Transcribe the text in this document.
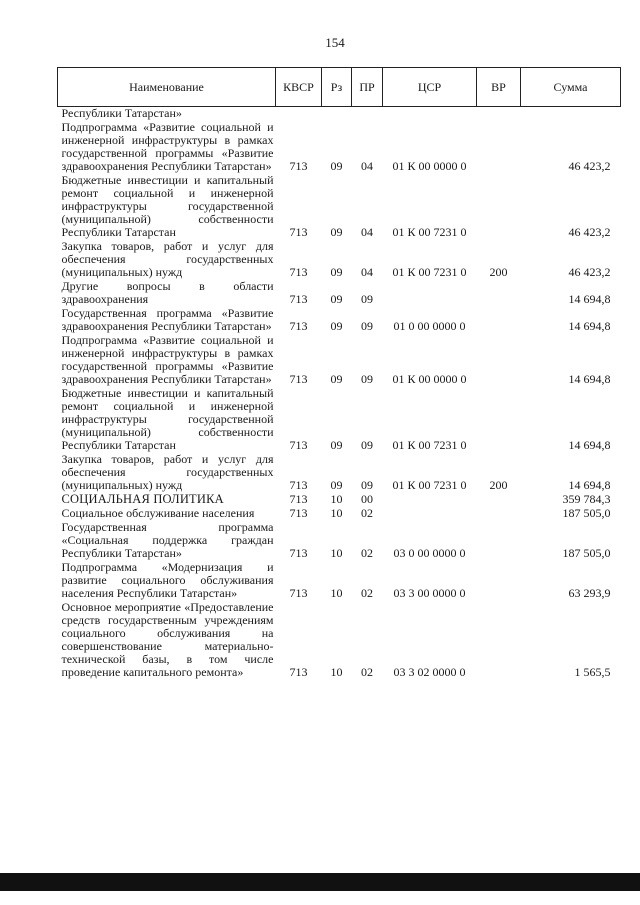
154
Наименование	КВСР	Рз	ПР	ЦСР	ВР	Сумма
Республики Татарстан»						
Подпрограмма «Развитие социальной и инженерной инфраструктуры в рамках государственной программы «Развитие здравоохранения Республики Татарстан»	713	09	04	01 К 00 0000 0		46 423,2
Бюджетные инвестиции и капитальный ремонт социальной и инженерной инфраструктуры государственной (муниципальной) собственности Республики Татарстан	713	09	04	01 К 00 7231 0		46 423,2
Закупка товаров, работ и услуг для обеспечения государственных (муниципальных) нужд	713	09	04	01 К 00 7231 0	200	46 423,2
Другие вопросы в области здравоохранения	713	09	09			14 694,8
Государственная программа «Развитие здравоохранения Республики Татарстан»	713	09	09	01 0 00 0000 0		14 694,8
Подпрограмма «Развитие социальной и инженерной инфраструктуры в рамках государственной программы «Развитие здравоохранения Республики Татарстан»	713	09	09	01 К 00 0000 0		14 694,8
Бюджетные инвестиции и капитальный ремонт социальной и инженерной инфраструктуры государственной (муниципальной) собственности Республики Татарстан	713	09	09	01 К 00 7231 0		14 694,8
Закупка товаров, работ и услуг для обеспечения государственных (муниципальных) нужд	713	09	09	01 К 00 7231 0	200	14 694,8
СОЦИАЛЬНАЯ ПОЛИТИКА	713	10	00			359 784,3
Социальное обслуживание населения	713	10	02			187 505,0
Государственная программа «Социальная поддержка граждан Республики Татарстан»	713	10	02	03 0 00 0000 0		187 505,0
Подпрограмма «Модернизация и развитие социального обслуживания населения Республики Татарстан»	713	10	02	03 3 00 0000 0		63 293,9
Основное мероприятие «Предоставление средств государственным учреждениям социального обслуживания на совершенствование материально-технической базы, в том числе проведение капитального ремонта»	713	10	02	03 3 02 0000 0		1 565,5
